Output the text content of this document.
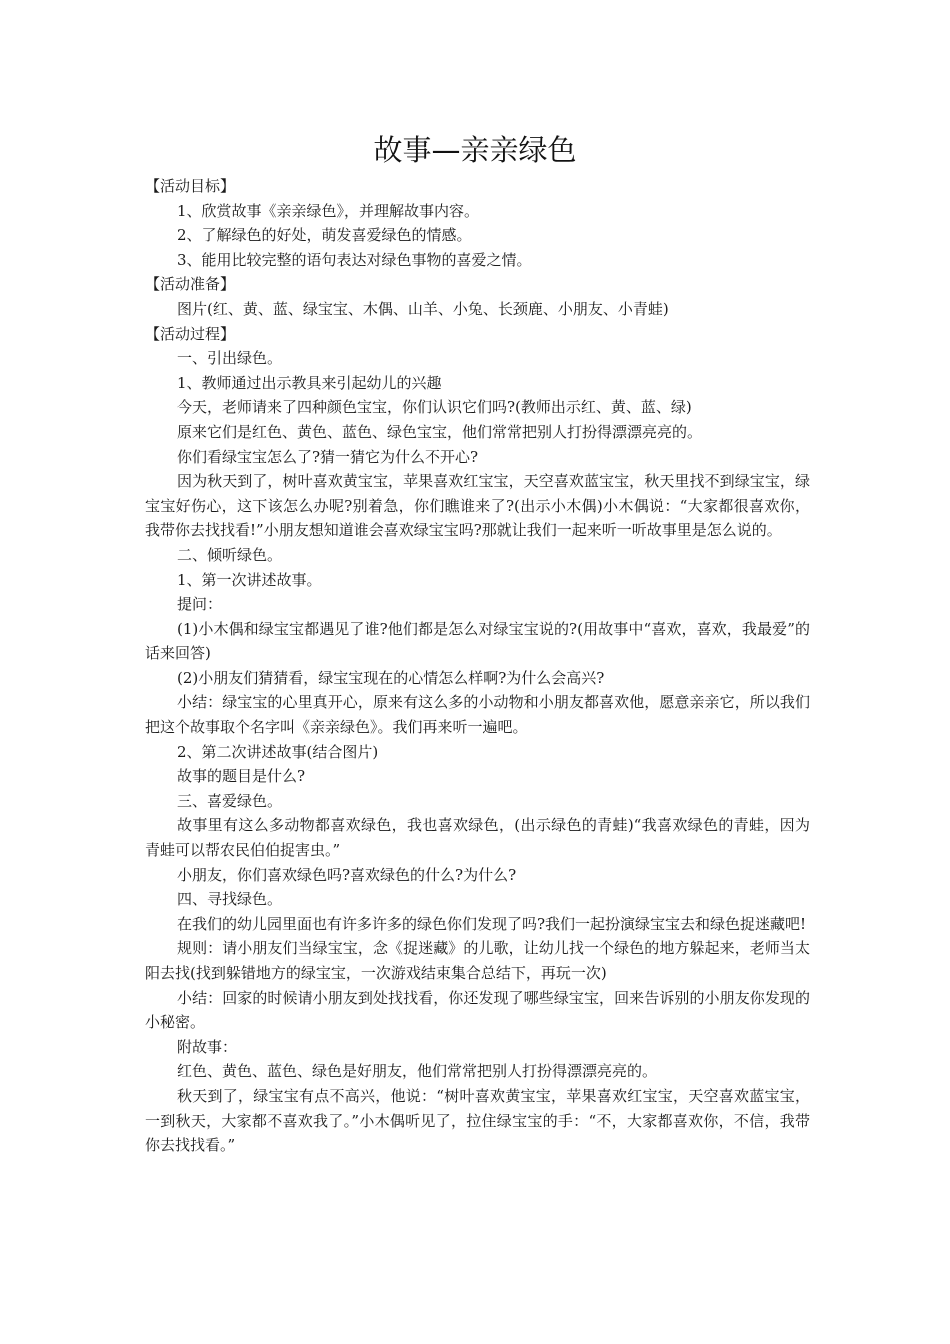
故事—亲亲绿色

【活动目标】

1、欣赏故事《亲亲绿色》，并理解故事内容。

2、了解绿色的好处，萌发喜爱绿色的情感。

3、能用比较完整的语句表达对绿色事物的喜爱之情。

【活动准备】

图片(红、黄、蓝、绿宝宝、木偶、山羊、小兔、长颈鹿、小朋友、小青蛙)

【活动过程】

一、引出绿色。

1、教师通过出示教具来引起幼儿的兴趣

今天，老师请来了四种颜色宝宝，你们认识它们吗?(教师出示红、黄、蓝、绿)

原来它们是红色、黄色、蓝色、绿色宝宝，他们常常把别人打扮得漂漂亮亮的。

你们看绿宝宝怎么了?猜一猜它为什么不开心?

因为秋天到了，树叶喜欢黄宝宝，苹果喜欢红宝宝，天空喜欢蓝宝宝，秋天里找不到绿宝宝，绿宝宝好伤心，这下该怎么办呢?别着急，你们瞧谁来了?(出示小木偶)小木偶说：“大家都很喜欢你，我带你去找找看!”小朋友想知道谁会喜欢绿宝宝吗?那就让我们一起来听一听故事里是怎么说的。

二、倾听绿色。

1、第一次讲述故事。

提问：

(1)小木偶和绿宝宝都遇见了谁?他们都是怎么对绿宝宝说的?(用故事中“喜欢，喜欢，我最爱”的话来回答)

(2)小朋友们猜猜看，绿宝宝现在的心情怎么样啊?为什么会高兴?

小结：绿宝宝的心里真开心，原来有这么多的小动物和小朋友都喜欢他，愿意亲亲它，所以我们把这个故事取个名字叫《亲亲绿色》。我们再来听一遍吧。

2、第二次讲述故事(结合图片)

故事的题目是什么?

三、喜爱绿色。

故事里有这么多动物都喜欢绿色，我也喜欢绿色，(出示绿色的青蛙)“我喜欢绿色的青蛙，因为青蛙可以帮农民伯伯捉害虫。”

小朋友，你们喜欢绿色吗?喜欢绿色的什么?为什么?

四、寻找绿色。

在我们的幼儿园里面也有许多许多的绿色你们发现了吗?我们一起扮演绿宝宝去和绿色捉迷藏吧!

规则：请小朋友们当绿宝宝，念《捉迷藏》的儿歌，让幼儿找一个绿色的地方躲起来，老师当太阳去找(找到躲错地方的绿宝宝，一次游戏结束集合总结下，再玩一次)

小结：回家的时候请小朋友到处找找看，你还发现了哪些绿宝宝，回来告诉别的小朋友你发现的小秘密。

附故事：

红色、黄色、蓝色、绿色是好朋友，他们常常把别人打扮得漂漂亮亮的。

秋天到了，绿宝宝有点不高兴，他说：“树叶喜欢黄宝宝，苹果喜欢红宝宝，天空喜欢蓝宝宝，一到秋天，大家都不喜欢我了。”小木偶听见了，拉住绿宝宝的手：“不，大家都喜欢你，不信，我带你去找找看。”
